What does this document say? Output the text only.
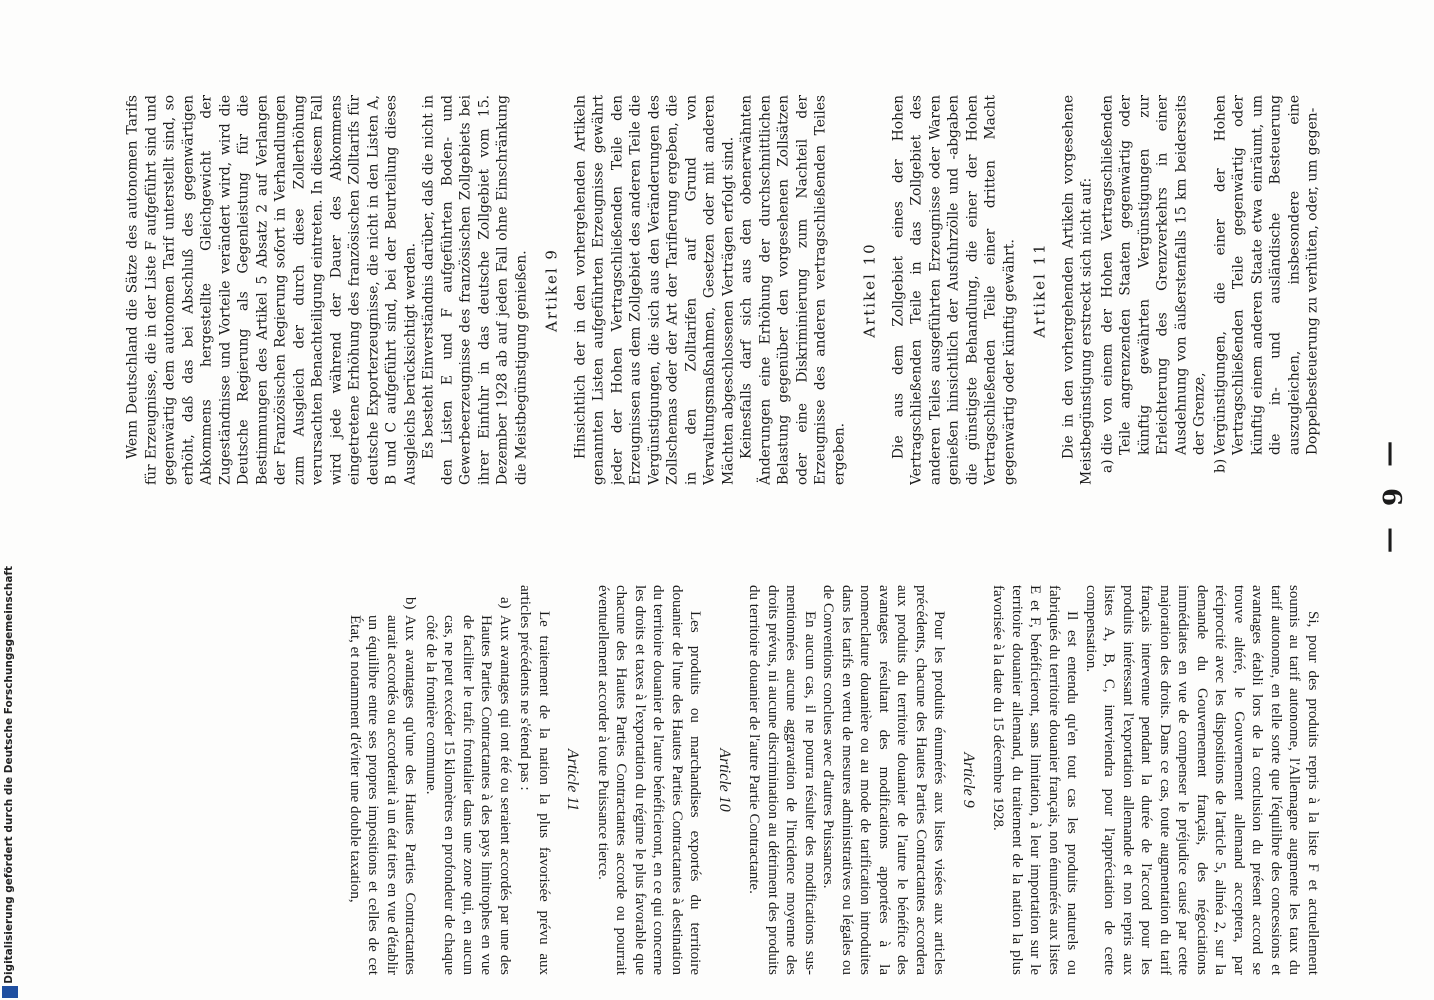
— 6 —

Si, pour des produits repris à la liste F et actuellement soumis au tarif autonome, l'Allemagne augmente les taux du tarif autonome, en telle sorte que l'équilibre des concessions et avantages établi lors de la conclusion du présent accord se trouve altéré, le Gouvernement allemand acceptera, par réciprocité avec les dispositions de l'article 5, alinéa 2, sur la demande du Gouvernement français, des négociations immédiates en vue de compenser le préjudice causé par cette majoration des droits. Dans ce cas, toute augmentation du tarif français intervenue pendant la durée de l'accord pour les produits intéressant l'exportation allemande et non repris aux listes A, B, C, interviendra pour l'appréciation de cette compensation.

Il est entendu qu'en tout cas les produits naturels ou fabriqués du territoire douanier français, non énumérés aux listes E et F, bénéficieront, sans limitation, à leur importation sur le territoire douanier allemand, du traitement de la nation la plus favorisée à la date du 15 décembre 1928.

Article 9

Pour les produits énumérés aux listes visées aux articles précédents, chacune des Hautes Parties Contractantes accordera aux produits du territoire douanier de l'autre le bénéfice des avantages résultant des modifications apportées à la nomenclature douanière ou au mode de tarification introduites dans les tarifs en vertu de mesures administratives ou légales ou de Conventions conclues avec d'autres Puissances.

En aucun cas, il ne pourra résulter des modifications sus-mentionnées aucune aggravation de l'incidence moyenne des droits prévus, ni aucune discrimination au détriment des produits du territoire douanier de l'autre Partie Contractante.

Article 10

Les produits ou marchandises exportés du territoire douanier de l'une des Hautes Parties Contractantes à destination du territoire douanier de l'autre bénéficieront, en ce qui concerne les droits et taxes à l'exportation du régime le plus favorable que chacune des Hautes Parties Contractantes accorde ou pourrait éventuellement accorder à toute Puissance tierce.

Article 11

Le traitement de la nation la plus favorisée prévu aux articles précédents ne s'étend pas :

a)Aux avantages qui ont été ou seraient accordés par une des Hautes Parties Contractantes à des pays limitrophes en vue de faciliter le trafic frontalier dans une zone qui, en aucun cas, ne peut excéder 15 kilomètres en profondeur de chaque côté de la frontière commune.

b)Aux avantages qu'une des Hautes Parties Contractantes aurait accordés ou accorderait à un état tiers en vue d'établir un équilibre entre ses propres impositions et celles de cet État, et notamment d'éviter une double taxation,

Wenn Deutschland die Sätze des autonomen Tarifs für Erzeugnisse, die in der Liste F aufgeführt sind und gegenwärtig dem autonomen Tarif unterstellt sind, so erhöht, daß das bei Abschluß des gegenwärtigen Abkommens hergestellte Gleichgewicht der Zugeständnisse und Vorteile verändert wird, wird die Deutsche Regierung als Gegenleistung für die Bestimmungen des Artikel 5 Absatz 2 auf Verlangen der Französischen Regierung sofort in Verhandlungen zum Ausgleich der durch diese Zollerhöhung verursachten Benachteiligung eintreten. In diesem Fall wird jede während der Dauer des Abkommens eingetretene Erhöhung des französischen Zolltarifs für deutsche Exporterzeugnisse, die nicht in den Listen A, B und C aufgeführt sind, bei der Beurteilung dieses Ausgleichs berücksichtigt werden. Es besteht Einverständnis darüber, daß die nicht in den Listen E und F aufgeführten Boden- und Gewerbeerzeugnisse des französischen Zollgebiets bei ihrer Einfuhr in das deutsche Zollgebiet vom 15. Dezember 1928 ab auf jeden Fall ohne Einschränkung die Meistbegünstigung genießen. Artikel 9 Hinsichtlich der in den vorhergehenden Artikeln genannten Listen aufgeführten Erzeugnisse gewährt jeder der Hohen Vertragschließenden Teile den Erzeugnissen aus dem Zollgebiet des anderen Teile die Vergünstigungen, die sich aus den Veränderungen des Zollschemas oder der Art der Tarifierung ergeben, die in den Zolltarifen auf Grund von Verwaltungsmaßnahmen, Gesetzen oder mit anderen Mächten abgeschlossenen Verträgen erfolgt sind. Keinesfalls darf sich aus den obenerwähnten Änderungen eine Erhöhung der durchschnittlichen Belastung gegenüber den vorgesehenen Zollsätzen oder eine Diskriminierung zum Nachteil der Erzeugnisse des anderen vertragschließenden Teiles ergeben.

Artikel 10 Die aus dem Zollgebiet eines der Hohen Vertragschließenden Teile in das Zollgebiet des anderen Teiles ausgeführten Erzeugnisse oder Waren genießen hinsichtlich der Ausfuhrzölle und -abgaben die günstigste Behandlung, die einer der Hohen Vertragschließenden Teile einer dritten Macht gegenwärtig oder künftig gewährt. Artikel 11 Die in den vorhergehenden Artikeln vorgesehene Meistbegünstigung erstreckt sich nicht auf: a)die von einem der Hohen Vertragschließenden Teile angrenzenden Staaten gegenwärtig oder künftig gewährten Vergünstigungen zur Erleichterung des Grenzverkehrs in einer Ausdehnung von äußerstenfalls 15 km beiderseits der Grenze,

b)Vergünstigungen, die einer der Hohen Vertragschließenden Teile gegenwärtig oder künftig einem anderen Staate etwa einräumt, um die in- und ausländische Besteuerung auszugleichen, insbesondere eine Doppelbesteuerung zu verhüten, oder, um gegen-

Digitalisierung gefördert durch die Deutsche Forschungsgemeinschaft
